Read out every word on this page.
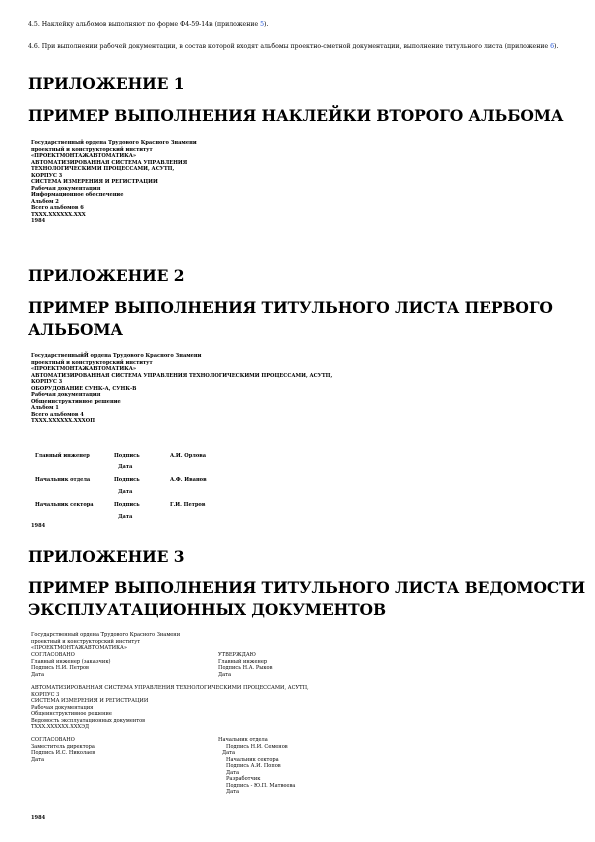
4.5. Наклейку альбомов выполняют по форме Ф4-59-14в (приложение 5).
4.6. При выполнении рабочей документации, в состав которой входят альбомы проектно-сметной документации, выполнение титульного листа (приложение 6).
ПРИЛОЖЕНИЕ 1
ПРИМЕР ВЫПОЛНЕНИЯ НАКЛЕЙКИ ВТОРОГО АЛЬБОМА
Государственный ордена Трудового Красного Знамени
проектный и конструкторский институт
«ПРОЕКТМОНТАЖАВТОМАТИКА»
АВТОМАТИЗИРОВАННАЯ СИСТЕМА УПРАВЛЕНИЯ
ТЕХНОЛОГИЧЕСКИМИ ПРОЦЕССАМИ, АСУТП,
КОРПУС 3
СИСТЕМА ИЗМЕРЕНИЯ И РЕГИСТРАЦИИ
Рабочая документация
Информационное обеспечение
Альбом 2
Всего альбомов 6
ТХХХ.ХХХХХХ.ХХХ
1984
ПРИЛОЖЕНИЕ 2
ПРИМЕР ВЫПОЛНЕНИЯ ТИТУЛЬНОГО ЛИСТА ПЕРВОГО
АЛЬБОМА
ГосударственныйЙ ордена Трудового Красного Знамени
проектный и конструкторский институт
«ПРОЕКТМОНТАЖАВТОМАТИКА»
АВТОМАТИЗИРОВАННАЯ СИСТЕМА УПРАВЛЕНИЯ ТЕХНОЛОГИЧЕСКИМИ ПРОЦЕССАМИ, АСУТП,
КОРПУС 3
ОБОРУДОВАНИЕ СУНК-А, СУНК-В
Рабочая документация
Общеинструктивное решение
Альбом 1
Всего альбомов 4
ТХХХ.ХХХХХХ.ХХХОП
Главный инженер	Подпись	А.И. Орлова
Дата
Начальник отдела	Подпись	А.Ф. Иванов
Дата
Начальник сектора	Подпись	Г.И. Петров
Дата
1984
ПРИЛОЖЕНИЕ 3
ПРИМЕР ВЫПОЛНЕНИЯ ТИТУЛЬНОГО ЛИСТА ВЕДОМОСТИ
ЭКСПЛУАТАЦИОННЫХ ДОКУМЕНТОВ
Государственный ордена Трудового Красного Знамени
проектный и конструкторский институт
«ПРОЕКТМОНТАЖАВТОМАТИКА»
СОГЛАСОВАНО
Главный инженер (заказчик)
Подпись Н.И. Петров
Дата
УТВЕРЖДАЮ
Главный инженер
Подпись Н.А. Рыков
Дата
АВТОМАТИЗИРОВАННАЯ СИСТЕМА УПРАВЛЕНИЯ ТЕХНОЛОГИЧЕСКИМИ ПРОЦЕССАМИ, АСУТП,
КОРПУС 3
СИСТЕМА ИЗМЕРЕНИЯ И РЕГИСТРАЦИИ
Рабочая документация
Общеинструктивное решение
Ведомость эксплуатационных документов
ТХХХ.ХХХХХХ.ХХХЭД
СОГЛАСОВАНО
Заместитель директора
Подпись И.С. Николаев
Дата
Начальник отдела
Подпись Н.И. Семенов
Дата
Начальник сектора
Подпись А.И. Попов
Дата
Разработчик
Подпись - Ю.П. Матвеева
Дата
1984
